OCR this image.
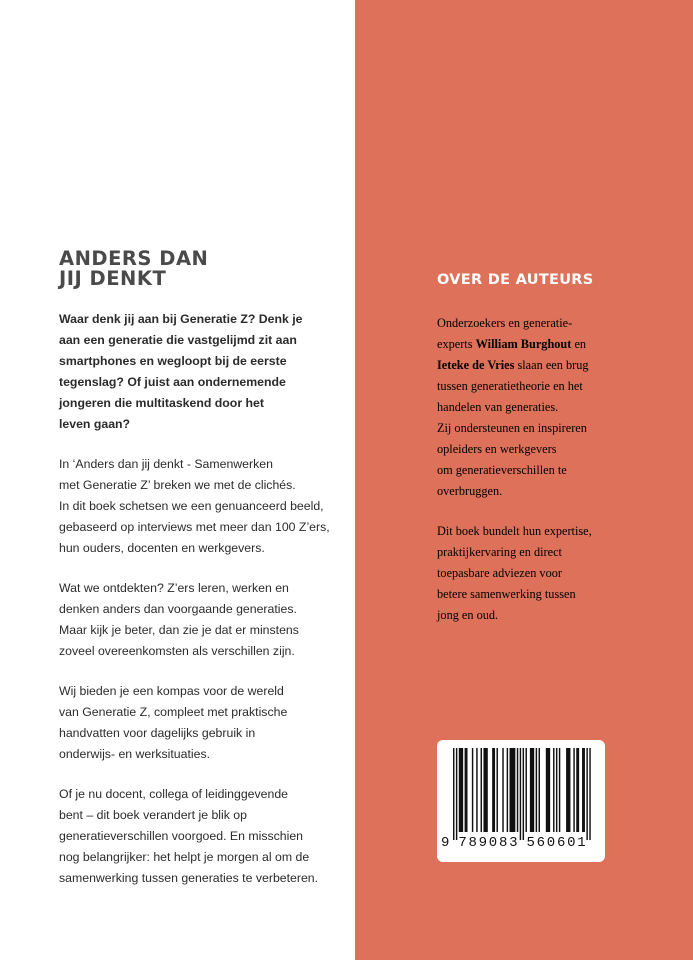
ANDERS DAN
JIJ DENKT

Waar denk jij aan bij Generatie Z? Denk je
aan een generatie die vastgelijmd zit aan
smartphones en wegloopt bij de eerste
tegenslag? Of juist aan ondernemende
jongeren die multitaskend door het
leven gaan?

In ‘Anders dan jij denkt - Samenwerken
met Generatie Z’ breken we met de clichés.
In dit boek schetsen we een genuanceerd beeld,
gebaseerd op interviews met meer dan 100 Z’ers,
hun ouders, docenten en werkgevers.

Wat we ontdekten? Z’ers leren, werken en
denken anders dan voorgaande generaties.
Maar kijk je beter, dan zie je dat er minstens
zoveel overeenkomsten als verschillen zijn.

Wij bieden je een kompas voor de wereld
van Generatie Z, compleet met praktische
handvatten voor dagelijks gebruik in
onderwijs- en werksituaties.

Of je nu docent, collega of leidinggevende
bent – dit boek verandert je blik op
generatieverschillen voorgoed. En misschien
nog belangrijker: het helpt je morgen al om de
samenwerking tussen generaties te verbeteren.

OVER DE AUTEURS

Onderzoekers en generatie-
experts William Burghout en
Ieteke de Vries slaan een brug
tussen generatietheorie en het
handelen van generaties.
Zij ondersteunen en inspireren
opleiders en werkgevers
om generatieverschillen te
overbruggen.

Dit boek bundelt hun expertise,
praktijkervaring en direct
toepasbare adviezen voor
betere samenwerking tussen
jong en oud.

9 7 8 9 0 8 3 5 6 0 6 0 1
